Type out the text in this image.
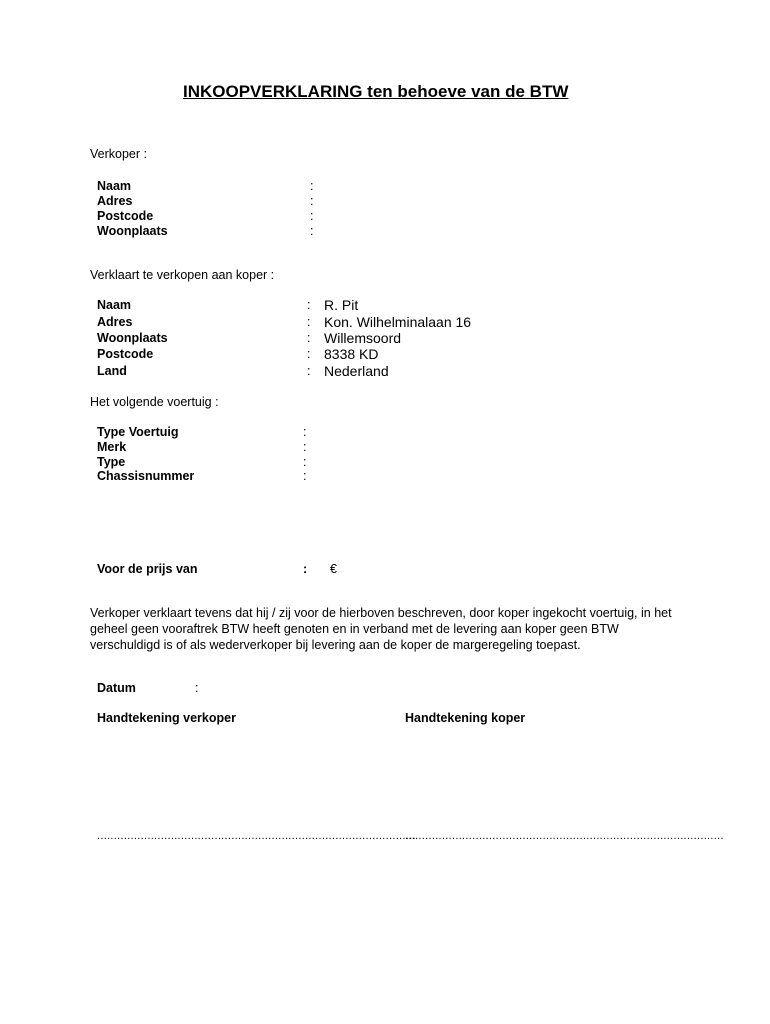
INKOOPVERKLARING ten behoeve van de BTW
Verkoper :
Naam	:
Adres	:
Postcode	:
Woonplaats	:
Verklaart te verkopen aan koper :
Naam	: R. Pit
Adres	: Kon. Wilhelminalaan 16
Woonplaats	: Willemsoord
Postcode	: 8338 KD
Land	: Nederland
Het volgende voertuig :
Type Voertuig	:
Merk	:
Type	:
Chassisnummer	:
Voor de prijs van	: €
Verkoper verklaart tevens dat hij / zij voor de hierboven beschreven, door koper ingekocht voertuig, in het geheel geen vooraftrek BTW heeft genoten en in verband met de levering aan koper geen BTW verschuldigd is of als wederverkoper bij levering aan de koper de margeregeling toepast.
Datum	:
Handtekening verkoper	Handtekening koper
...............................................................................................
...............................................................................................
